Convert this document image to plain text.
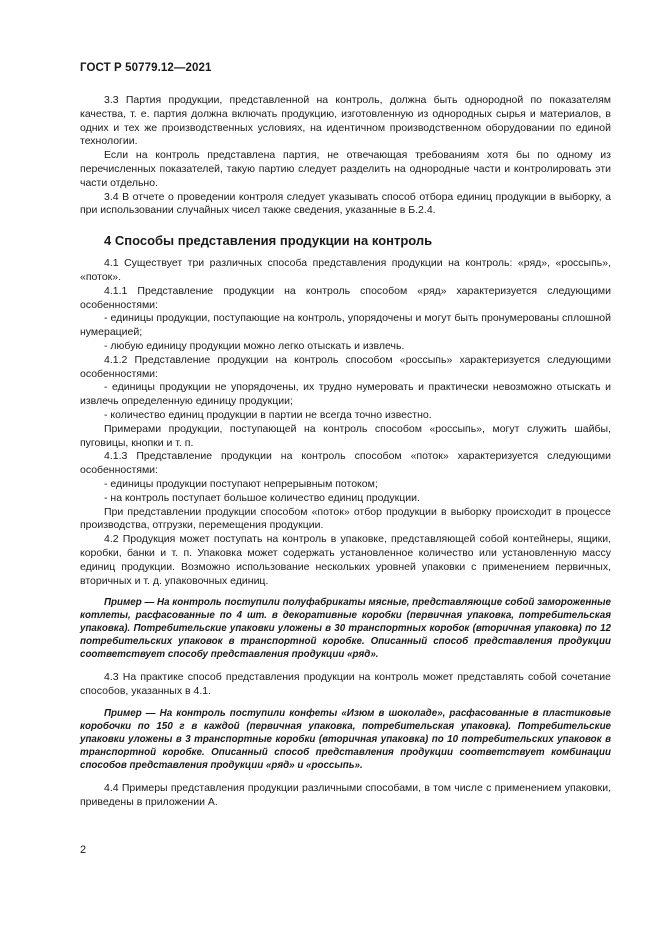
ГОСТ Р 50779.12—2021

3.3 Партия продукции, представленной на контроль, должна быть однородной по показателям качества, т. е. партия должна включать продукцию, изготовленную из однородных сырья и материалов, в одних и тех же производственных условиях, на идентичном производственном оборудовании по единой технологии.

Если на контроль представлена партия, не отвечающая требованиям хотя бы по одному из перечисленных показателей, такую партию следует разделить на однородные части и контролировать эти части отдельно.

3.4 В отчете о проведении контроля следует указывать способ отбора единиц продукции в выборку, а при использовании случайных чисел также сведения, указанные в Б.2.4.

4 Способы представления продукции на контроль

4.1 Существует три различных способа представления продукции на контроль: «ряд», «россыпь», «поток».

4.1.1 Представление продукции на контроль способом «ряд» характеризуется следующими особенностями:

- единицы продукции, поступающие на контроль, упорядочены и могут быть пронумерованы сплошной нумерацией;

- любую единицу продукции можно легко отыскать и извлечь.

4.1.2 Представление продукции на контроль способом «россыпь» характеризуется следующими особенностями:

- единицы продукции не упорядочены, их трудно нумеровать и практически невозможно отыскать и извлечь определенную единицу продукции;

- количество единиц продукции в партии не всегда точно известно.

Примерами продукции, поступающей на контроль способом «россыпь», могут служить шайбы, пуговицы, кнопки и т. п.

4.1.3 Представление продукции на контроль способом «поток» характеризуется следующими особенностями:

- единицы продукции поступают непрерывным потоком;

- на контроль поступает большое количество единиц продукции.

При представлении продукции способом «поток» отбор продукции в выборку происходит в процессе производства, отгрузки, перемещения продукции.

4.2 Продукция может поступать на контроль в упаковке, представляющей собой контейнеры, ящики, коробки, банки и т. п. Упаковка может содержать установленное количество или установленную массу единиц продукции. Возможно использование нескольких уровней упаковки с применением первичных, вторичных и т. д. упаковочных единиц.

Пример — На контроль поступили полуфабрикаты мясные, представляющие собой замороженные котлеты, расфасованные по 4 шт. в декоративные коробки (первичная упаковка, потребительская упаковка). Потребительские упаковки уложены в 30 транспортных коробок (вторичная упаковка) по 12 потребительских упаковок в транспортной коробке. Описанный способ представления продукции соответствует способу представления продукции «ряд».

4.3 На практике способ представления продукции на контроль может представлять собой сочетание способов, указанных в 4.1.

Пример — На контроль поступили конфеты «Изюм в шоколаде», расфасованные в пластиковые коробочки по 150 г в каждой (первичная упаковка, потребительская упаковка). Потребительские упаковки уложены в 3 транспортные коробки (вторичная упаковка) по 10 потребительских упаковок в транспортной коробке. Описанный способ представления продукции соответствует комбинации способов представления продукции «ряд» и «россыпь».

4.4 Примеры представления продукции различными способами, в том числе с применением упаковки, приведены в приложении А.

2
